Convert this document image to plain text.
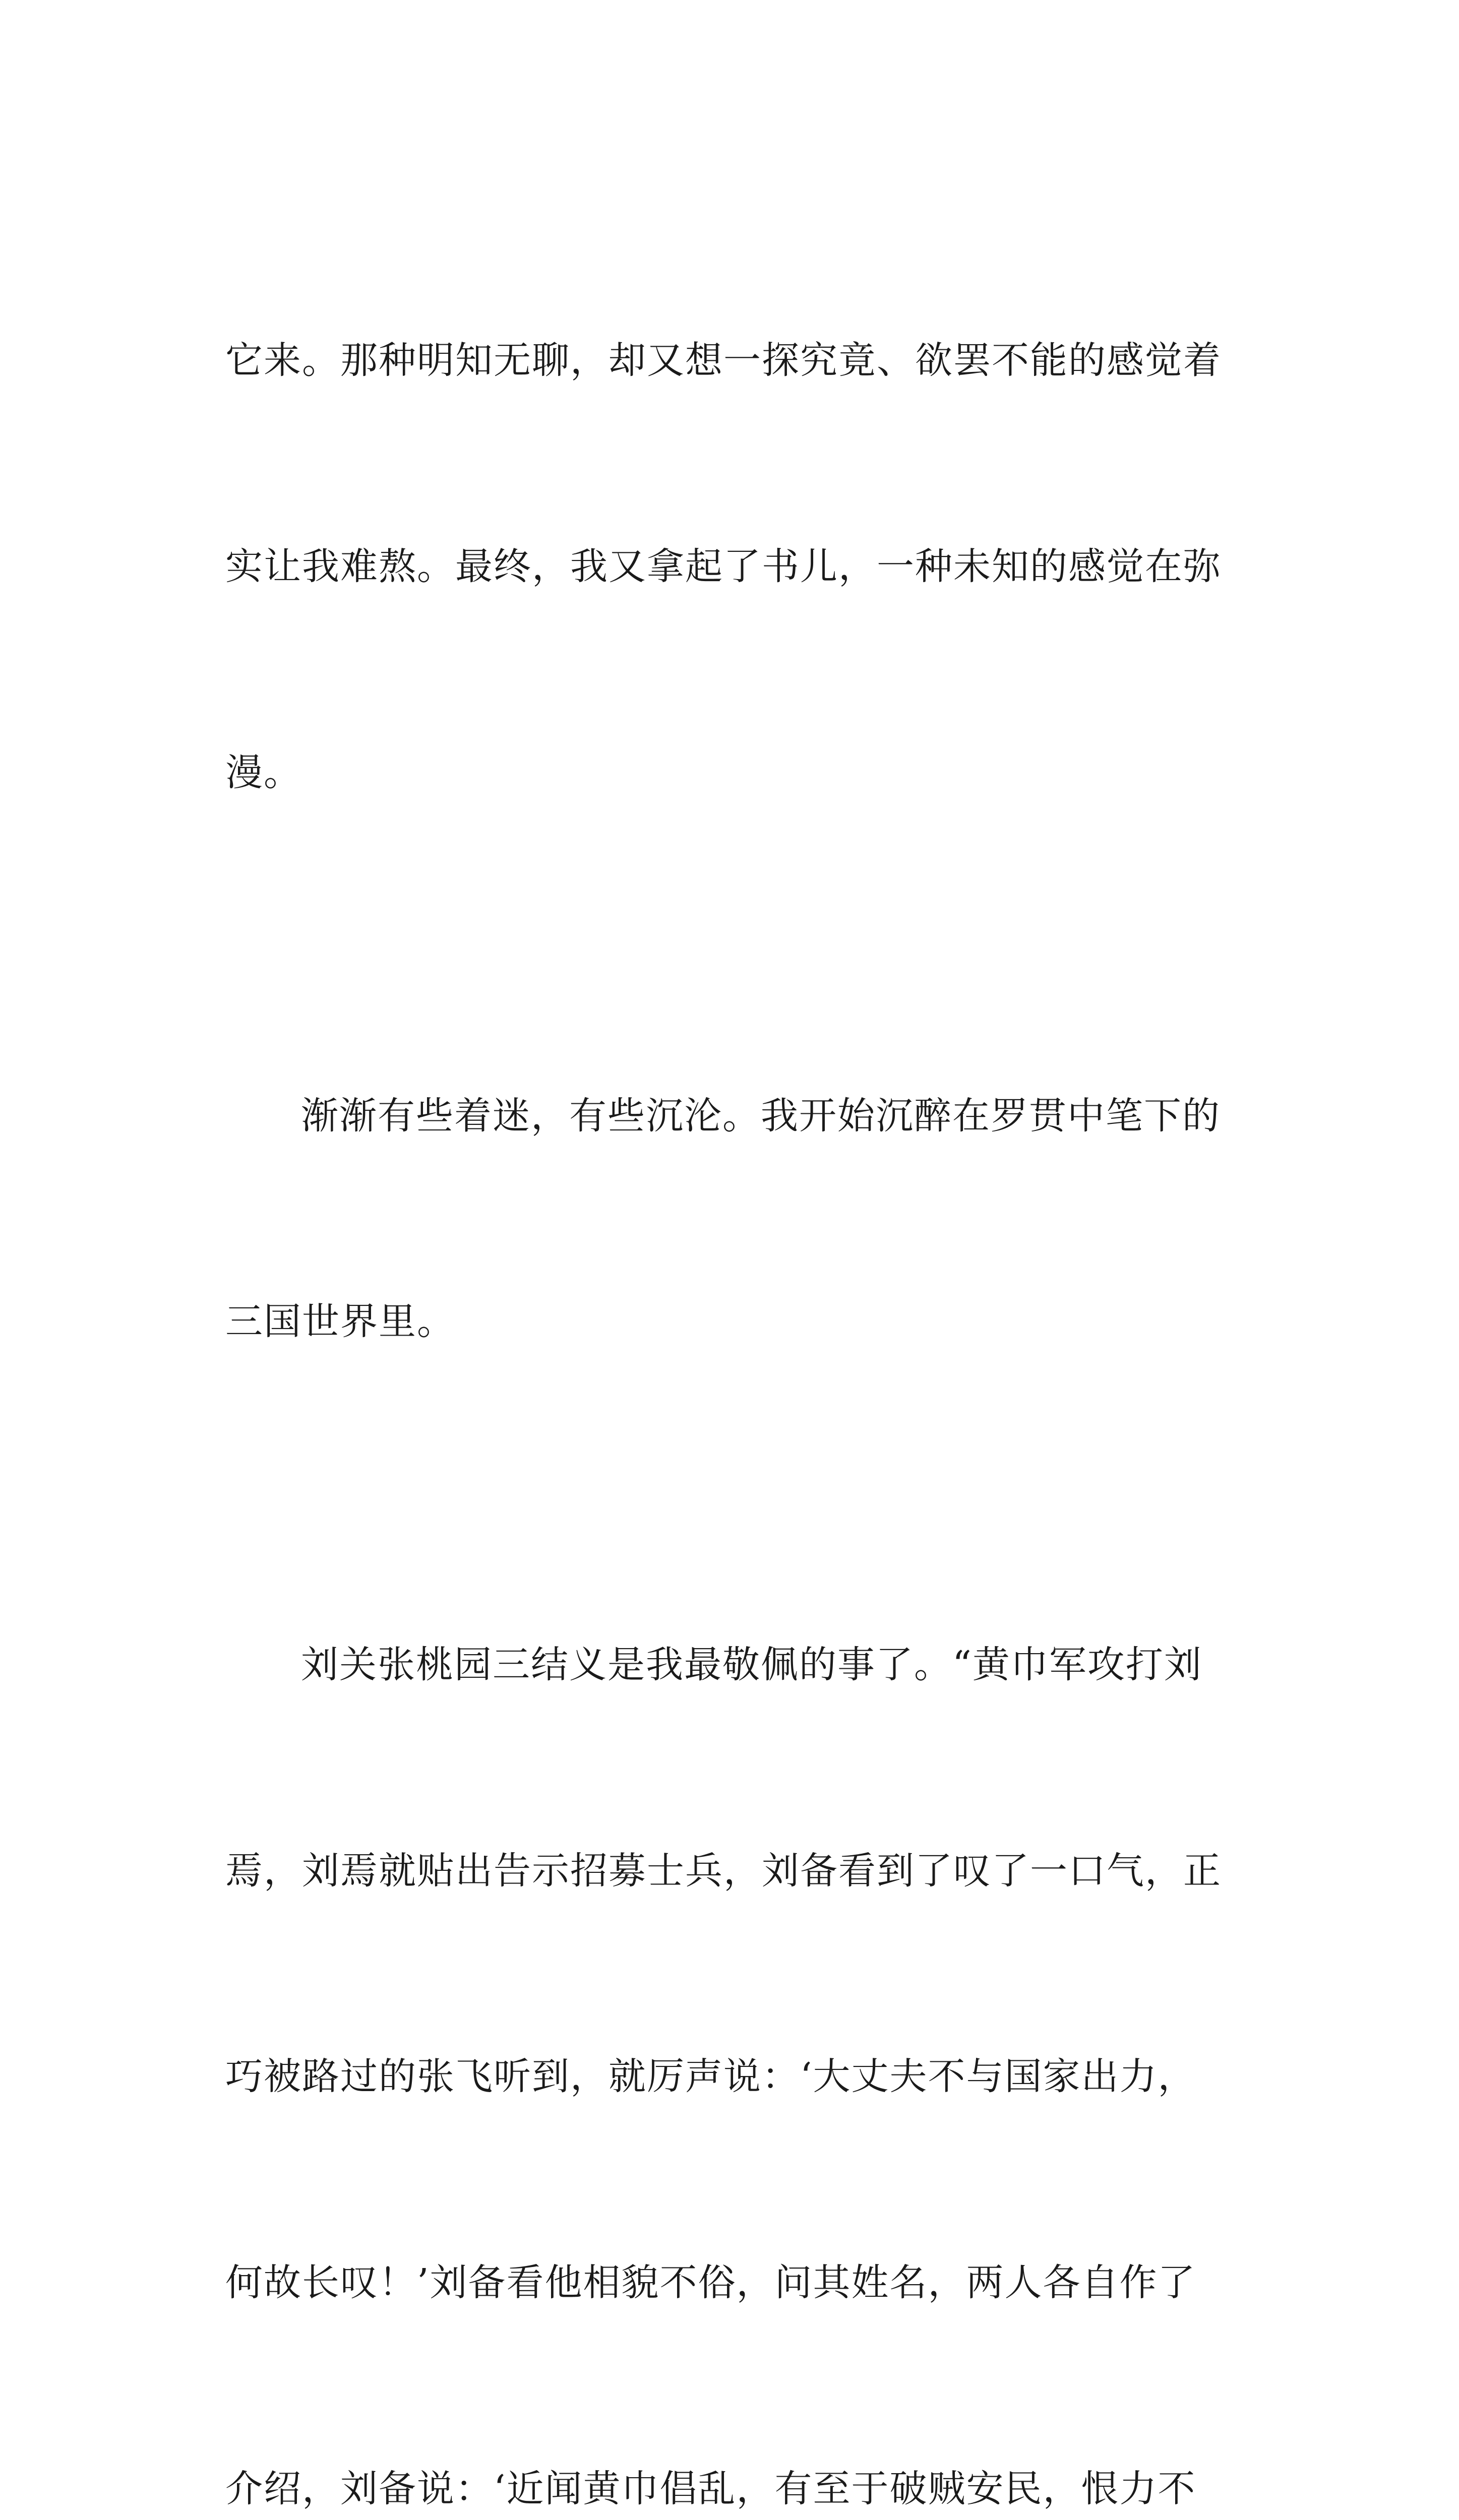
它来。那种明知无聊，却又想一探究竟、欲罢不能的感觉着

实让我难熬。最终，我又拿起了书儿，一种未知的感觉在弥

漫。

渐渐有些着迷，有些沉沦。我开始沉醉在罗贯中笔下的

三国世界里。

刘关张桃园三结义是我最敬佩的事了。“黄巾军攻打刘

焉，刘焉就贴出告示招募士兵，刘备看到了叹了一口气，正

巧被路过的张飞听到，就厉声说：‘大丈夫不与国家出力，

何故长叹！’刘备看他相貌不俗，问其姓名，两人各自作了

介绍，刘备说：‘近闻黄巾倡乱，有至于破贼安民，恨力不
